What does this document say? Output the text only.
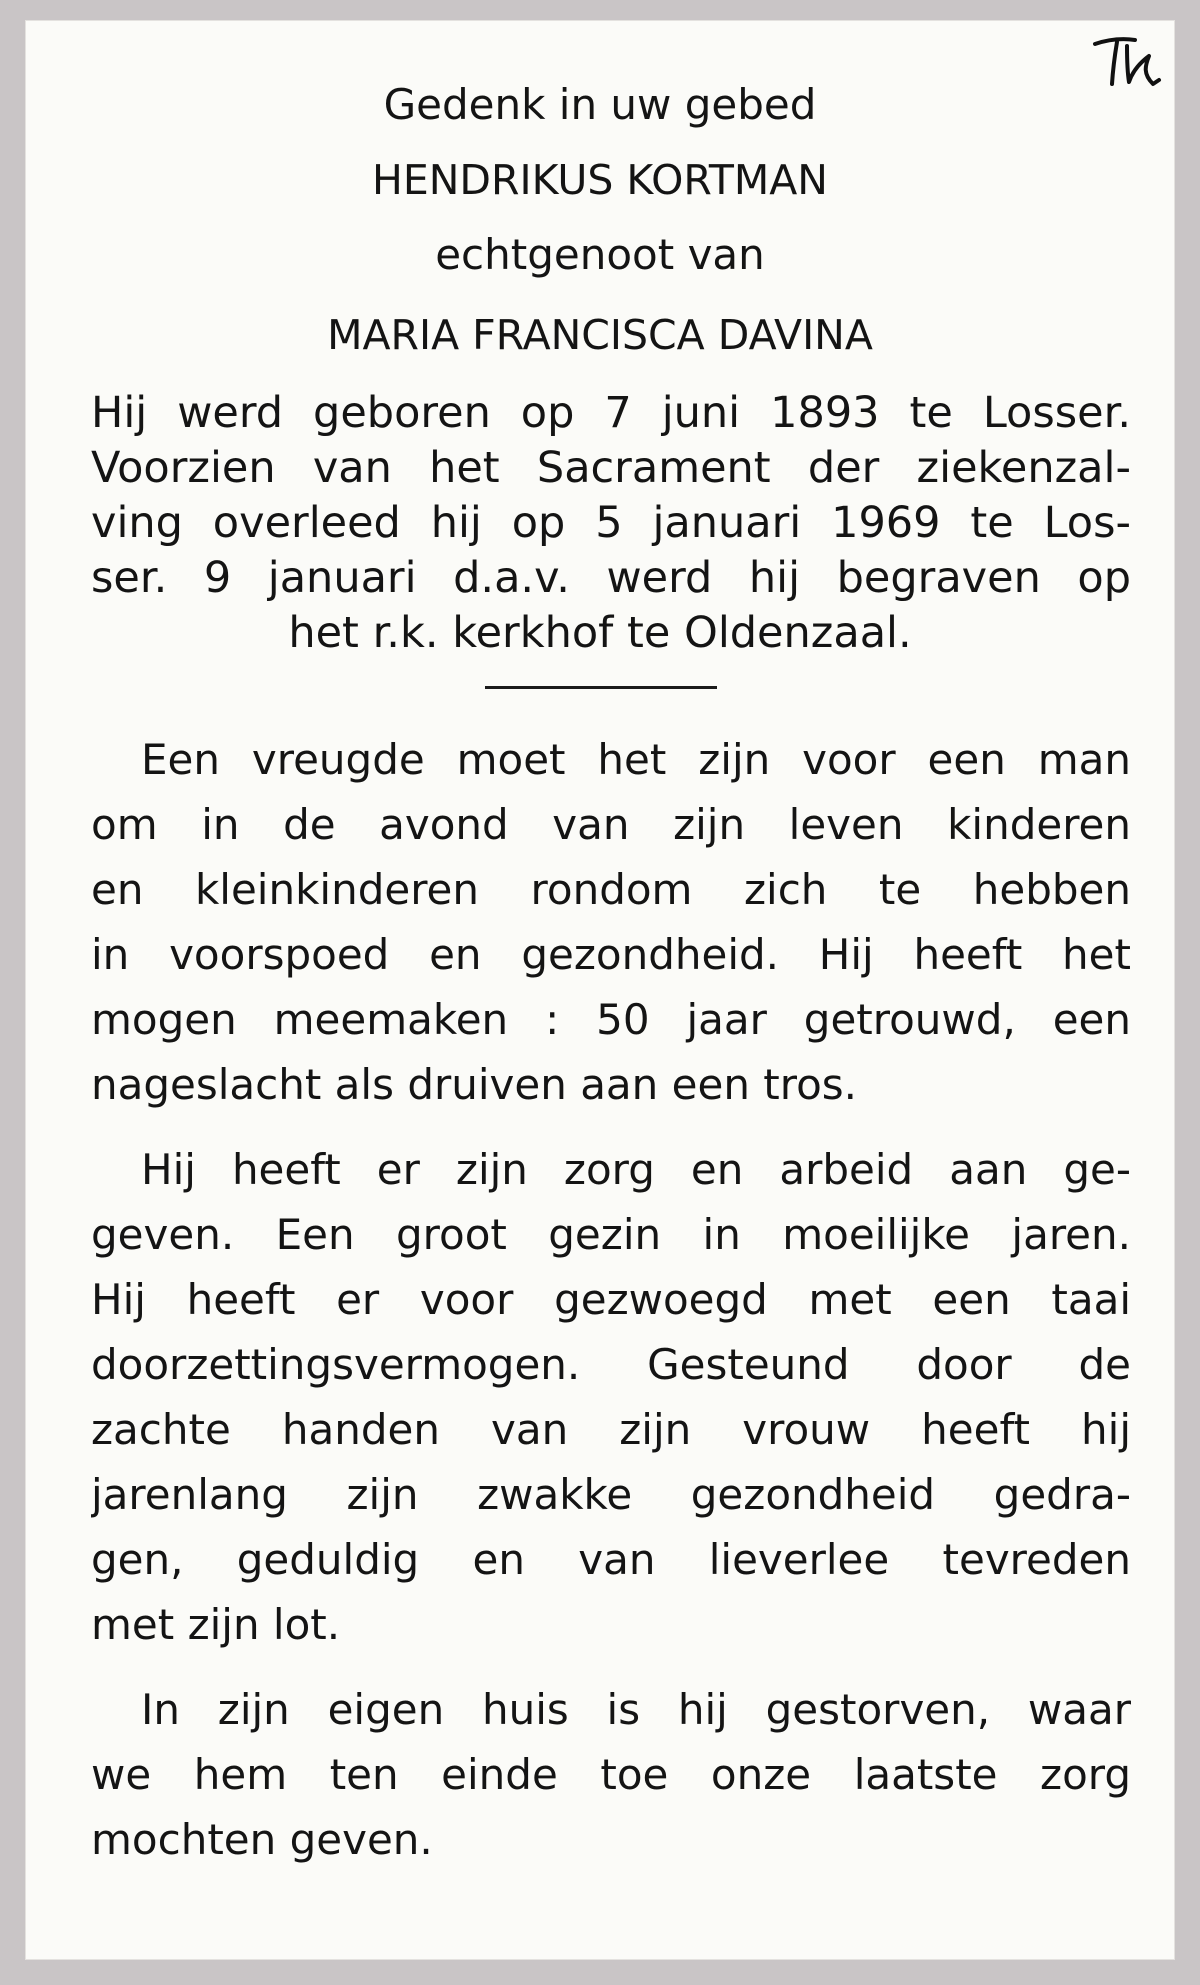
Gedenk in uw gebed
HENDRIKUS KORTMAN
echtgenoot van
MARIA FRANCISCA DAVINA
Hij werd geboren op 7 juni 1893 te Losser.
Voorzien van het Sacrament der ziekenzal-
ving overleed hij op 5 januari 1969 te Los-
ser. 9 januari d.a.v. werd hij begraven op
het r.k. kerkhof te Oldenzaal.
Een vreugde moet het zijn voor een man
om in de avond van zijn leven kinderen
en kleinkinderen rondom zich te hebben
in voorspoed en gezondheid. Hij heeft het
mogen meemaken : 50 jaar getrouwd, een
nageslacht als druiven aan een tros.
Hij heeft er zijn zorg en arbeid aan ge-
geven. Een groot gezin in moeilijke jaren.
Hij heeft er voor gezwoegd met een taai
doorzettingsvermogen. Gesteund door de
zachte handen van zijn vrouw heeft hij
jarenlang zijn zwakke gezondheid gedra-
gen, geduldig en van lieverlee tevreden
met zijn lot.
In zijn eigen huis is hij gestorven, waar
we hem ten einde toe onze laatste zorg
mochten geven.
